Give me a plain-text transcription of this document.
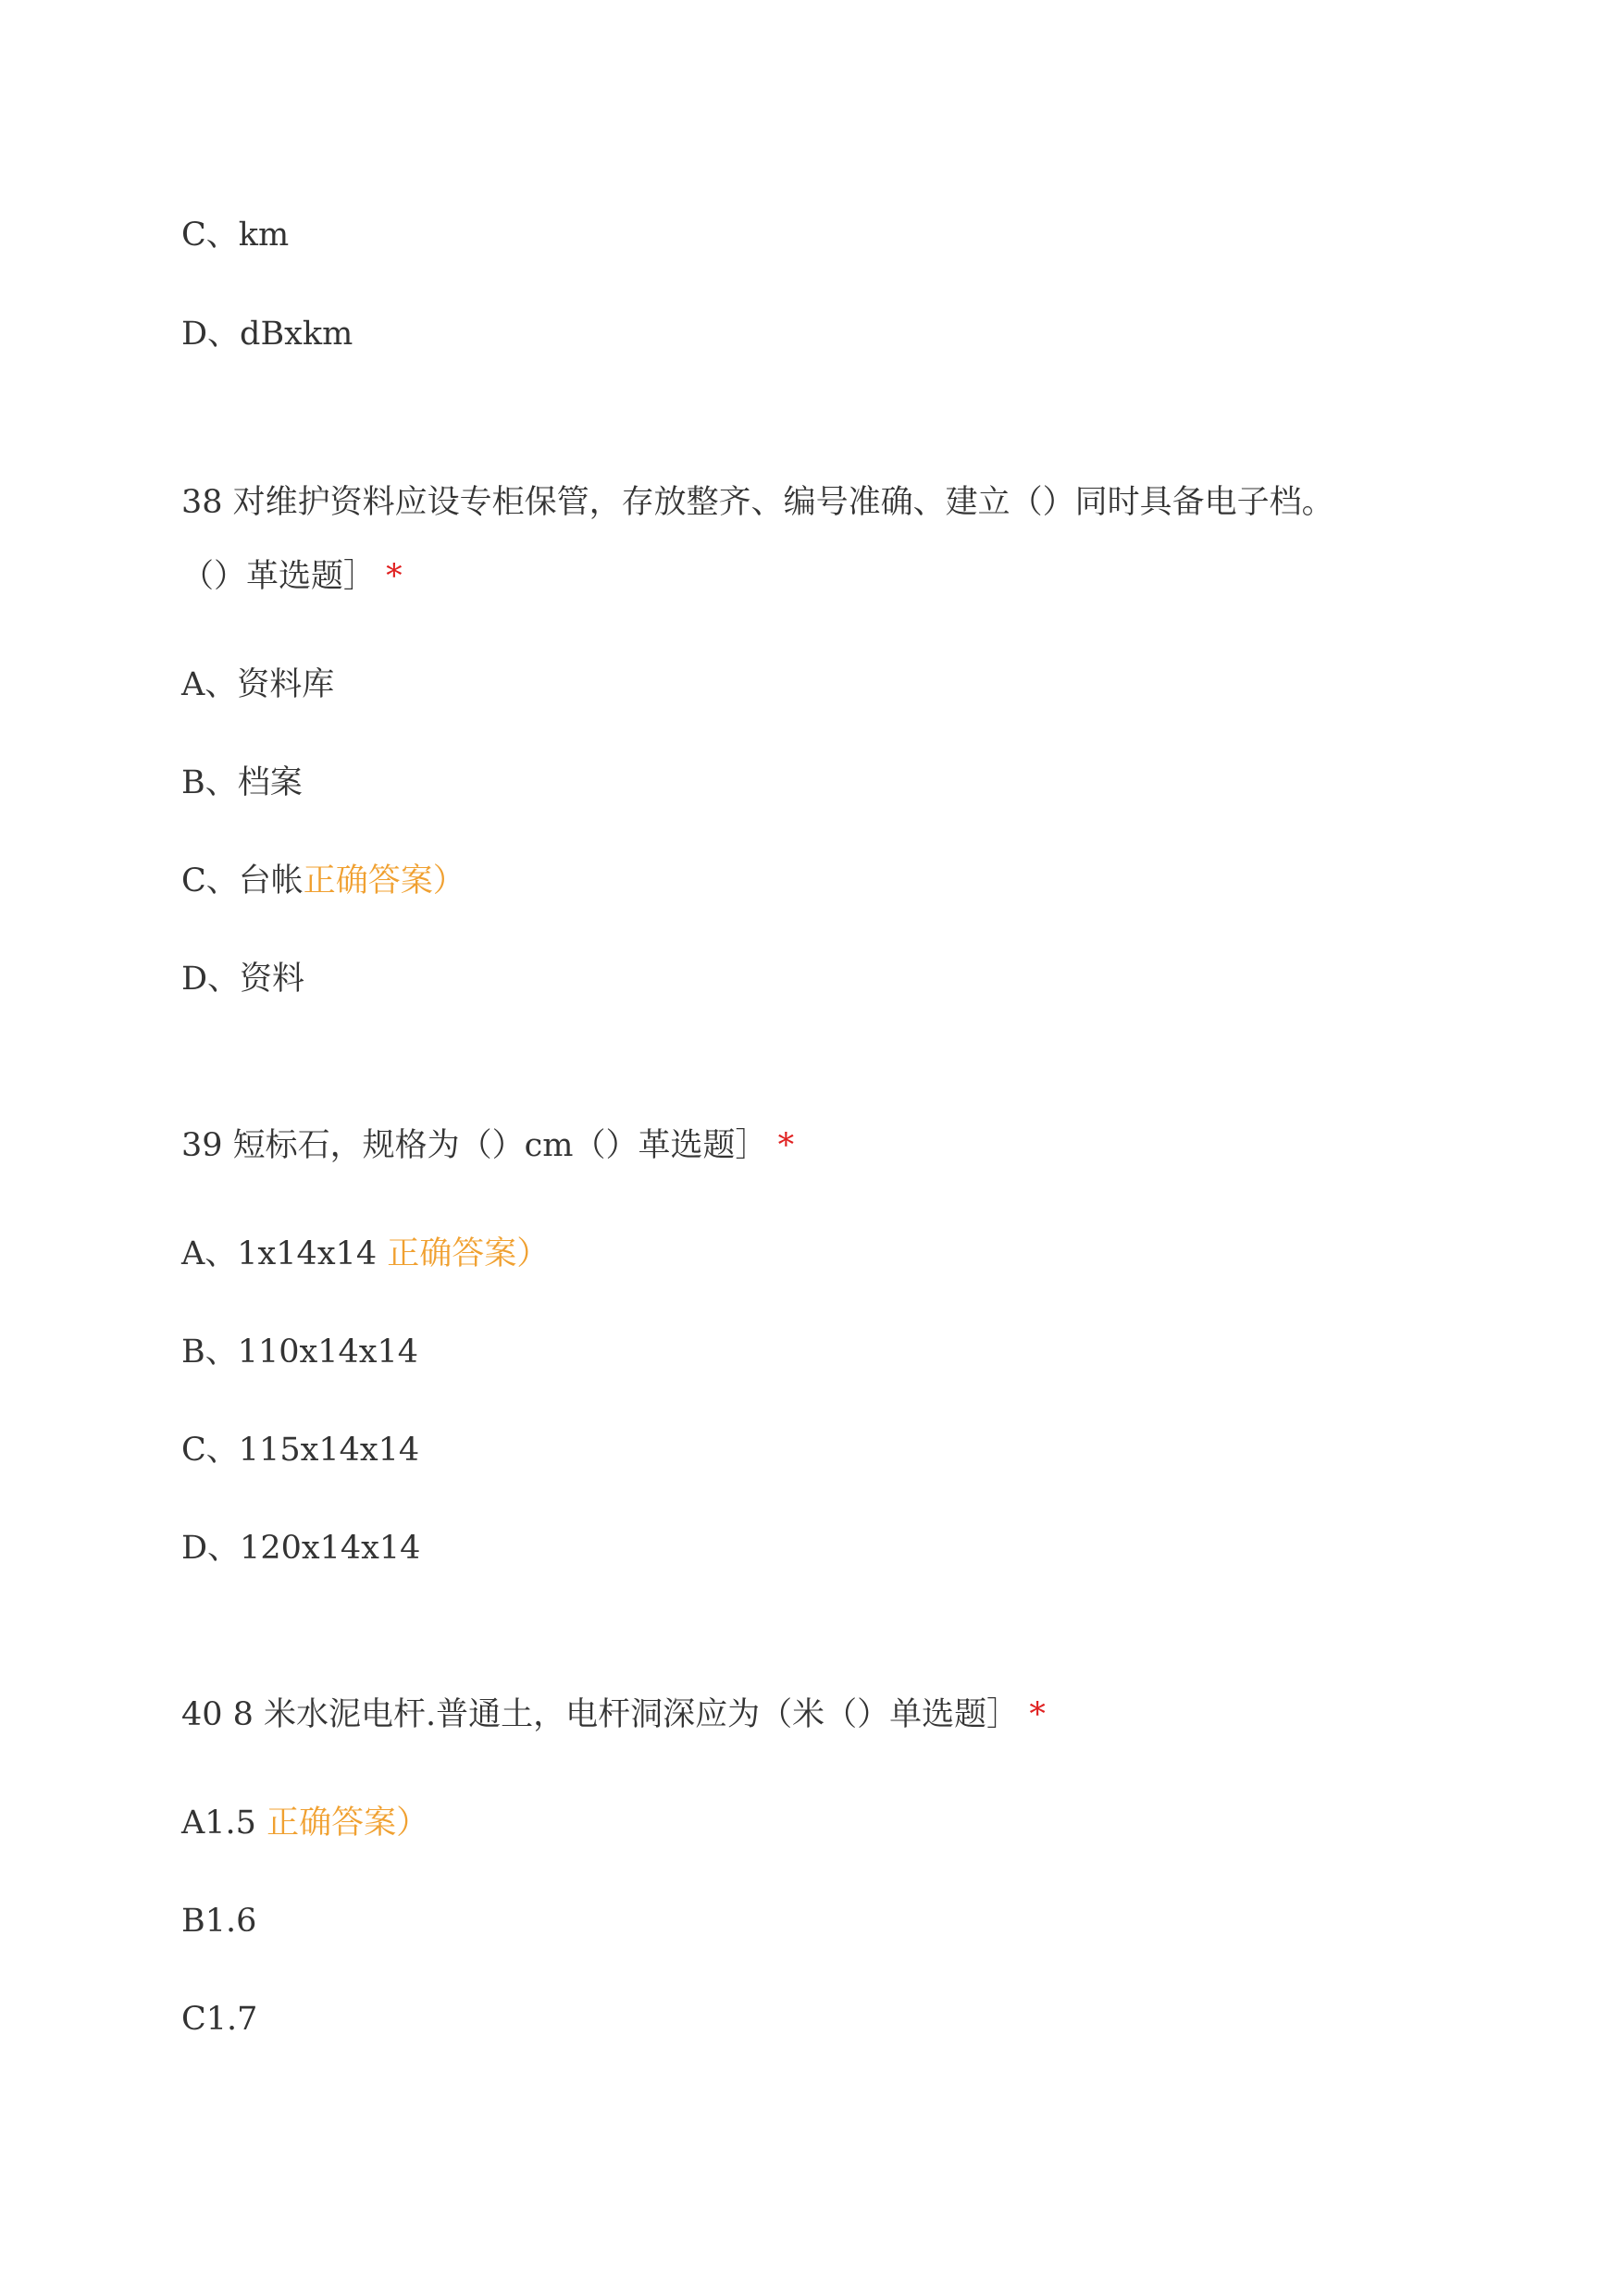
C、km
D、dBxkm
38 对维护资料应设专柜保管，存放整齐、编号准确、建立（）同时具备电子档。
（）革选题］ *
A、资料库
B、档案
C、台帐正确答案）
D、资料
39 短标石，规格为（）cm（）革选题］ *
A、1x14x14 正确答案）
B、110x14x14
C、115x14x14
D、120x14x14
40 8 米水泥电杆.普通土，电杆洞深应为（米（）单选题］ *
A1.5 正确答案）
B1.6
C1.7
